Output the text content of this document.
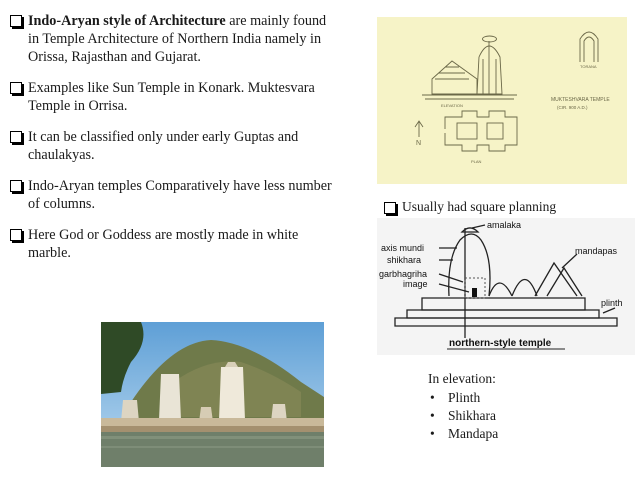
Indo-Aryan style of Architecture are mainly found in Temple Architecture of Northern India namely in Orissa, Rajasthan and Gujarat.
Examples like Sun Temple in Konark. Muktesvara Temple in Orrisa.
It can be classified only under early Guptas and chaulakyas.
Indo-Aryan temples Comparatively have less number of columns.
Here God or Goddess are mostly made in white marble.
ELEVATION
MUKTESHVARA TEMPLE
(CIR. 900 A.D.)
TORANA
PLAN
N
Usually had square planning
amalaka
axis mundi
shikhara
garbhagriha
image
mandapas
plinth
northern-style temple
In elevation:
• Plinth
• Shikhara
• Mandapa
